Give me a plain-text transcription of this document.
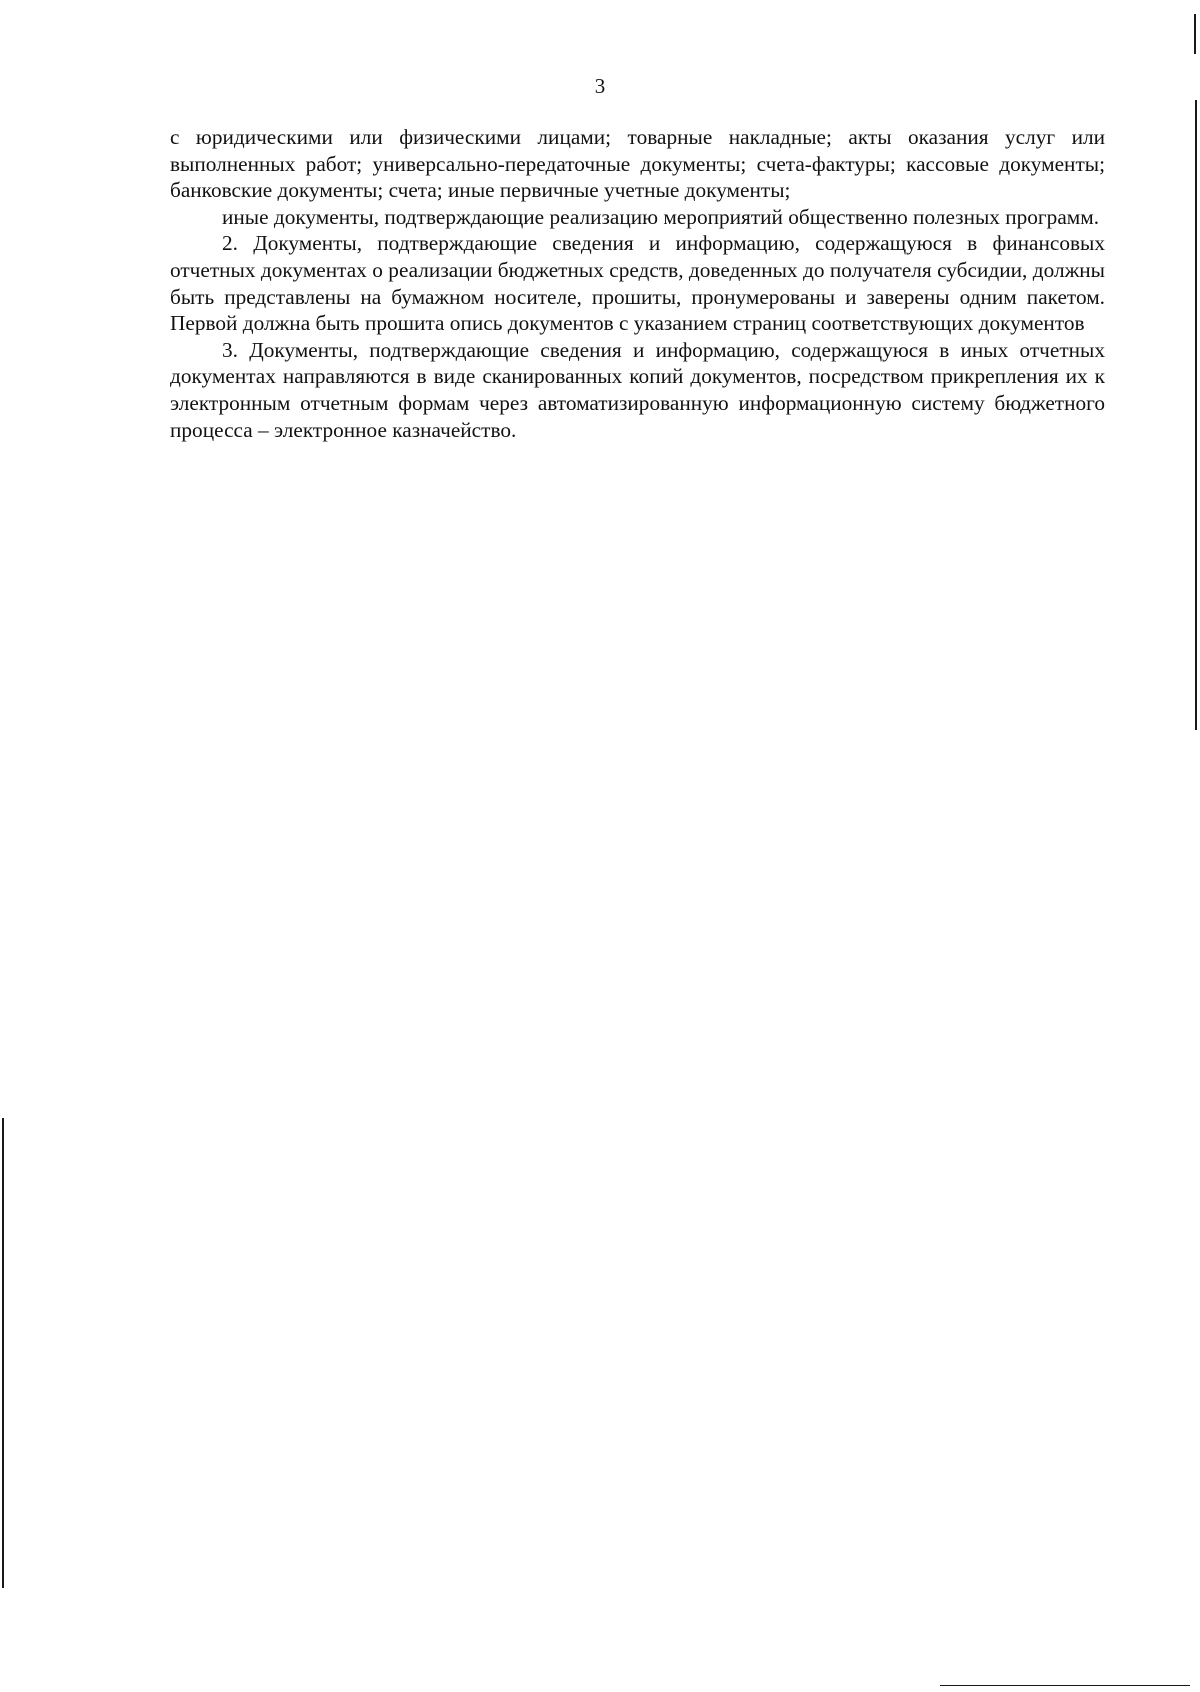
3

с юридическими или физическими лицами; товарные накладные; акты оказания услуг или выполненных работ; универсально-передаточные документы; счета-фактуры; кассовые документы; банковские документы; счета; иные первичные учетные документы;

иные документы, подтверждающие реализацию мероприятий общественно полезных программ.

2. Документы, подтверждающие сведения и информацию, содержащуюся в финансовых отчетных документах о реализации бюджетных средств, доведенных до получателя субсидии, должны быть представлены на бумажном носителе, прошиты, пронумерованы и заверены одним пакетом. Первой должна быть прошита опись документов с указанием страниц соответствующих документов

3. Документы, подтверждающие сведения и информацию, содержащуюся в иных отчетных документах направляются в виде сканированных копий документов, посредством прикрепления их к электронным отчетным формам через автоматизированную информационную систему бюджетного процесса – электронное казначейство.
